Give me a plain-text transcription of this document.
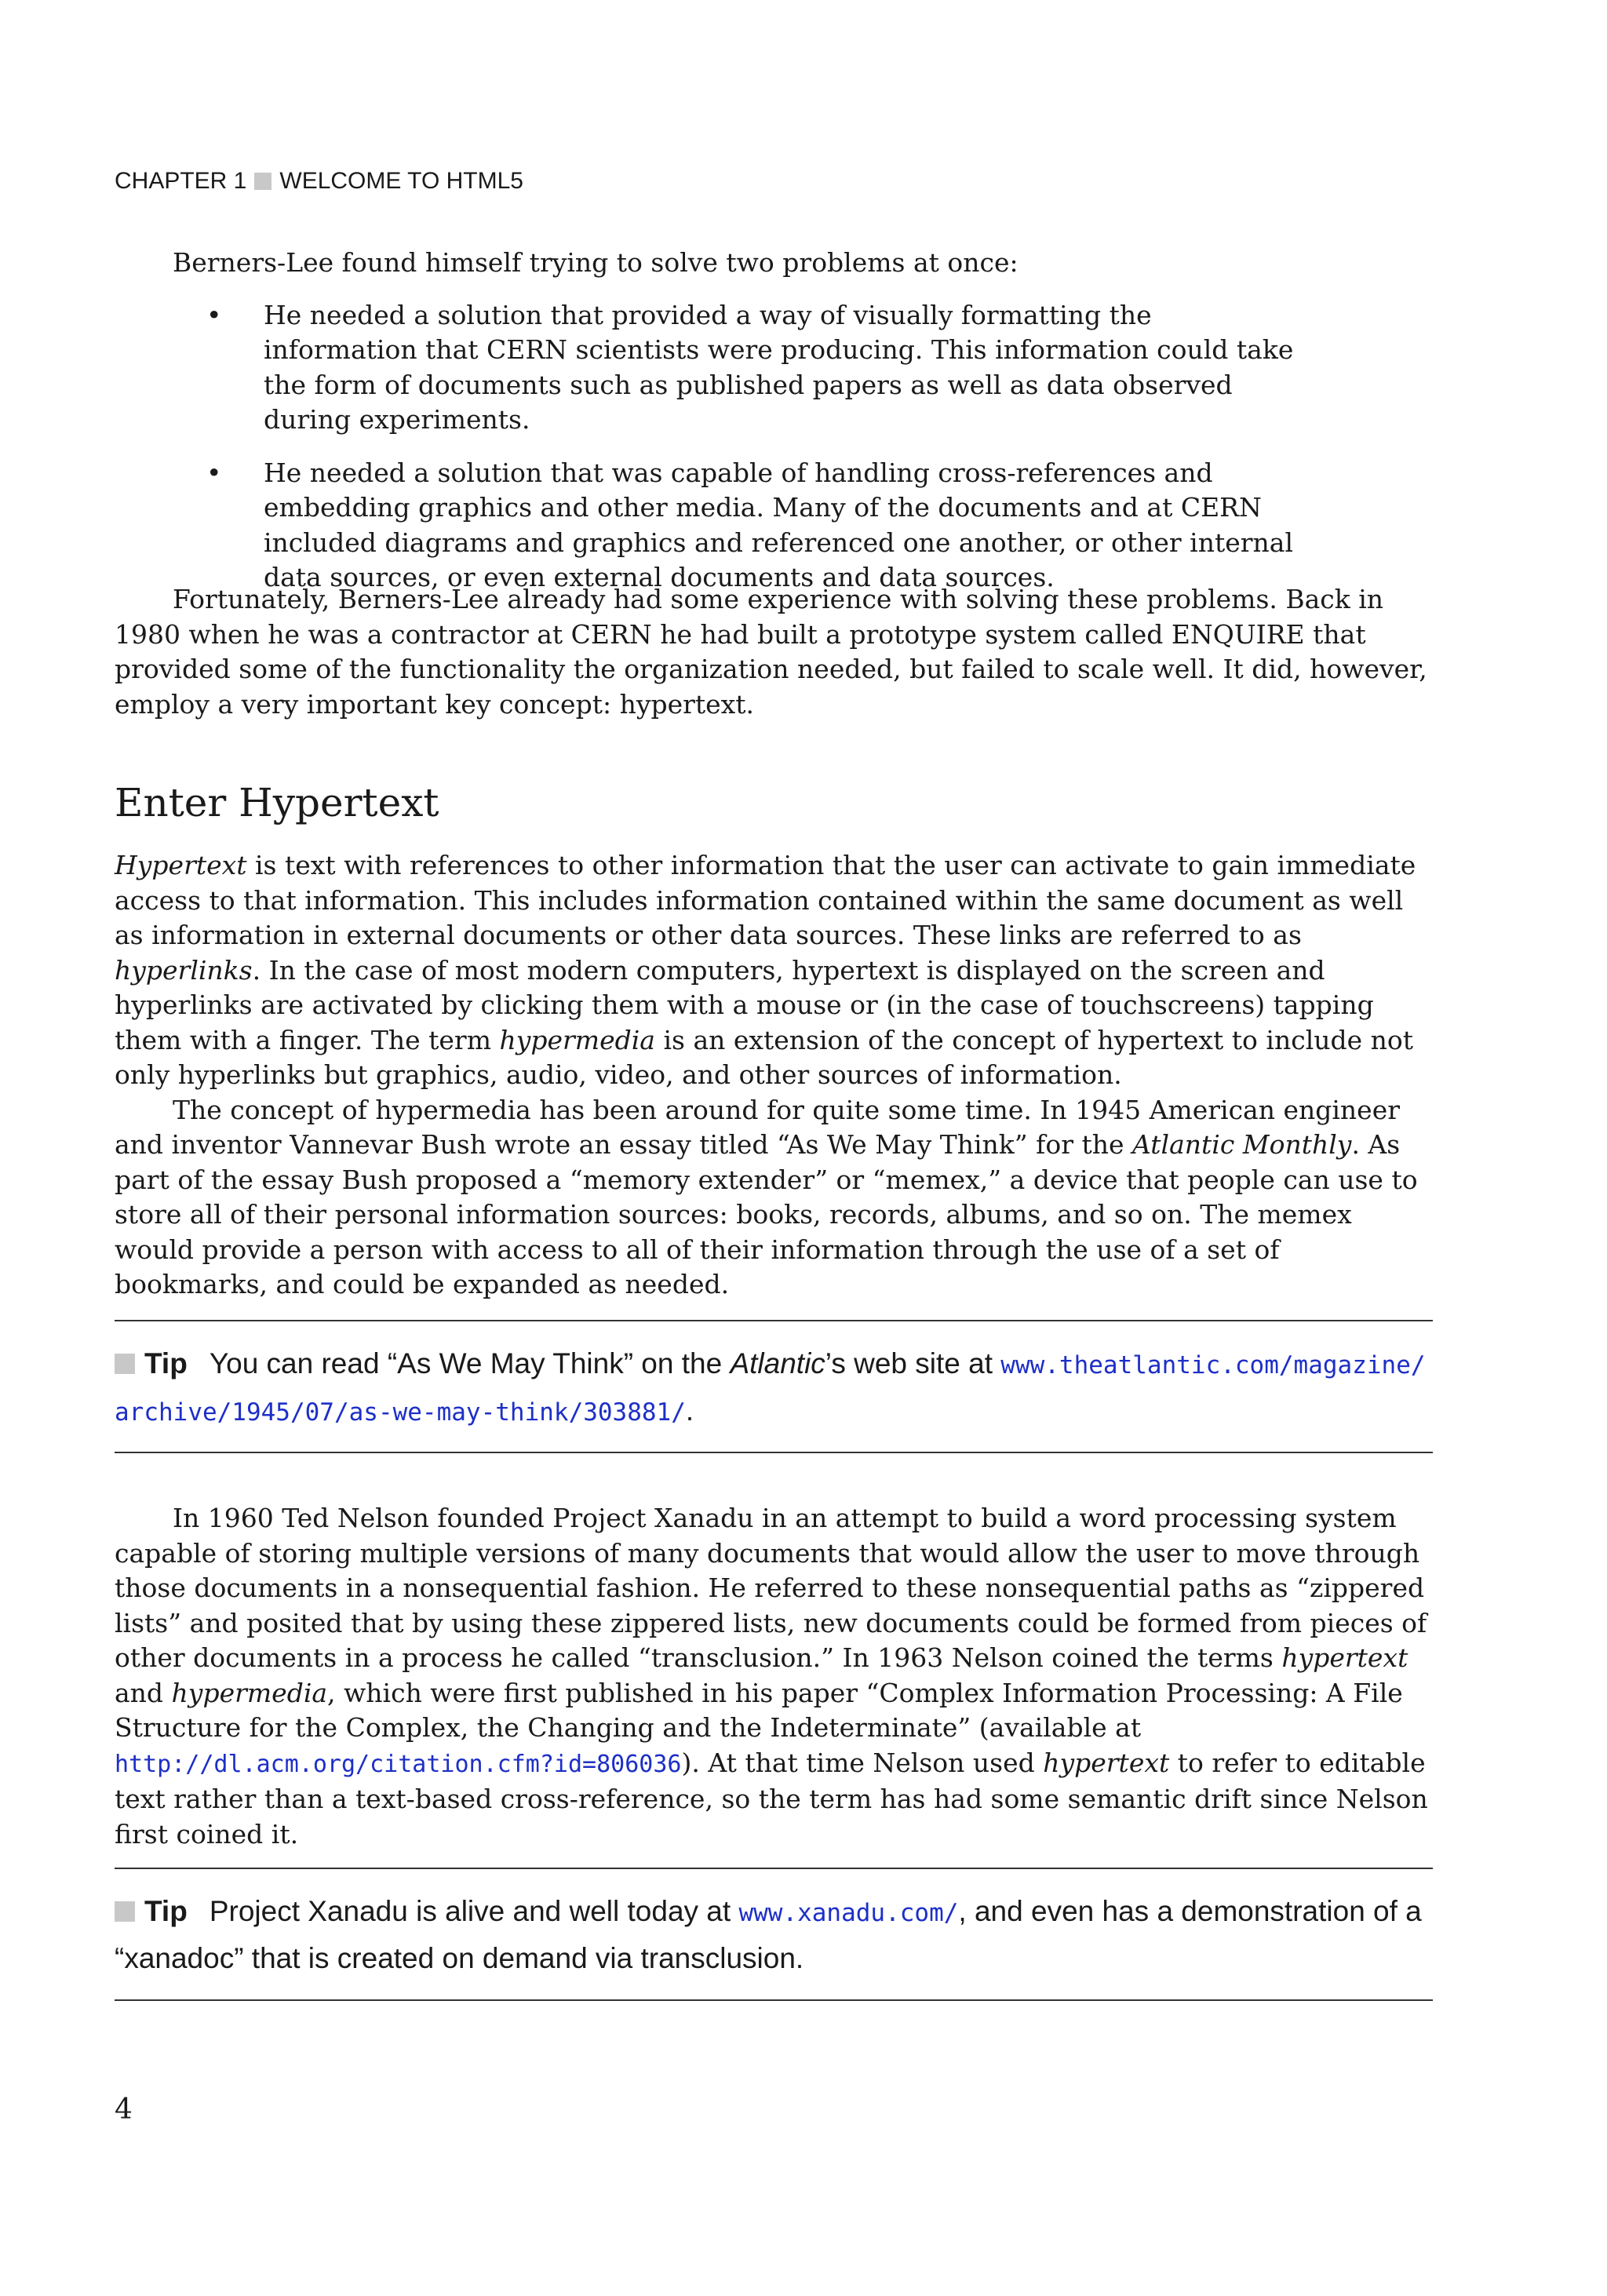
CHAPTER 1 WELCOME TO HTML5

Berners-Lee found himself trying to solve two problems at once:

• He needed a solution that provided a way of visually formatting the information that CERN scientists were producing. This information could take the form of documents such as published papers as well as data observed during experiments.
• He needed a solution that was capable of handling cross-references and embedding graphics and other media. Many of the documents and at CERN included diagrams and graphics and referenced one another, or other internal data sources, or even external documents and data sources.

Fortunately, Berners-Lee already had some experience with solving these problems. Back in 1980 when he was a contractor at CERN he had built a prototype system called ENQUIRE that provided some of the functionality the organization needed, but failed to scale well. It did, however, employ a very important key concept: hypertext.

Enter Hypertext

Hypertext is text with references to other information that the user can activate to gain immediate access to that information. This includes information contained within the same document as well as information in external documents or other data sources. These links are referred to as hyperlinks. In the case of most modern computers, hypertext is displayed on the screen and hyperlinks are activated by clicking them with a mouse or (in the case of touchscreens) tapping them with a finger. The term hypermedia is an extension of the concept of hypertext to include not only hyperlinks but graphics, audio, video, and other sources of information.

The concept of hypermedia has been around for quite some time. In 1945 American engineer and inventor Vannevar Bush wrote an essay titled “As We May Think” for the Atlantic Monthly. As part of the essay Bush proposed a “memory extender” or “memex,” a device that people can use to store all of their personal information sources: books, records, albums, and so on. The memex would provide a person with access to all of their information through the use of a set of bookmarks, and could be expanded as needed.

Tip You can read “As We May Think” on the Atlantic’s web site at www.theatlantic.com/magazine/
archive/1945/07/as-we-may-think/303881/.

In 1960 Ted Nelson founded Project Xanadu in an attempt to build a word processing system capable of storing multiple versions of many documents that would allow the user to move through those documents in a nonsequential fashion. He referred to these nonsequential paths as “zippered lists” and posited that by using these zippered lists, new documents could be formed from pieces of other documents in a process he called “transclusion.” In 1963 Nelson coined the terms hypertext and hypermedia, which were first published in his paper “Complex Information Processing: A File Structure for the Complex, the Changing and the Indeterminate” (available at http://dl.acm.org/citation.cfm?id=806036). At that time Nelson used hypertext to refer to editable text rather than a text-based cross-reference, so the term has had some semantic drift since Nelson first coined it.

Tip Project Xanadu is alive and well today at www.xanadu.com/, and even has a demonstration of a “xanadoc” that is created on demand via transclusion.
4
